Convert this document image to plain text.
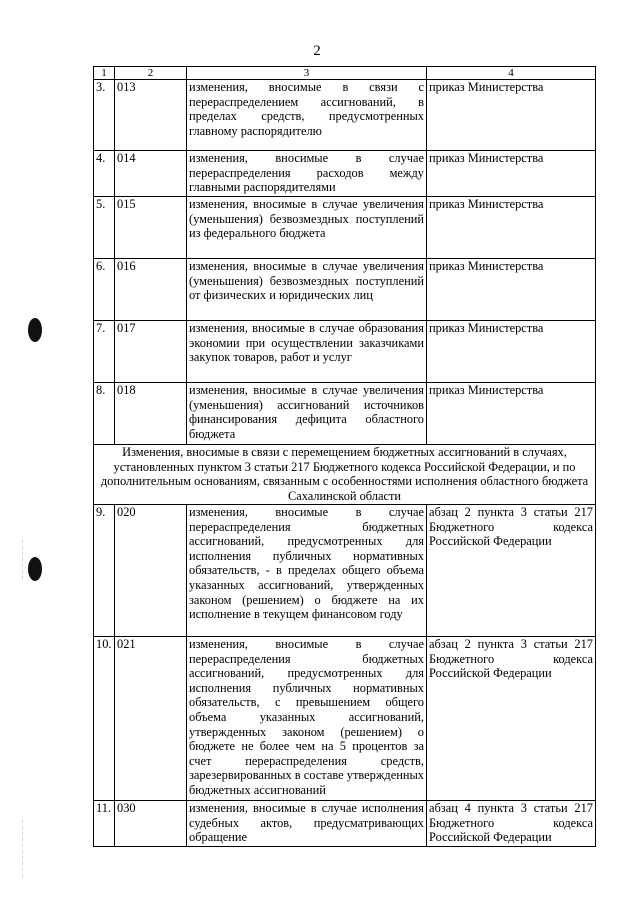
2
1	2	3	4
3.	013	изменения, вносимые в связи с перераспределением ассигнований, в пределах средств, предусмотренных главному распорядителю	приказ Министерства
4.	014	изменения, вносимые в случае перераспределения расходов между главными распорядителями	приказ Министерства
5.	015	изменения, вносимые в случае увеличения (уменьшения) безвозмездных поступлений из федерального бюджета	приказ Министерства
6.	016	изменения, вносимые в случае увеличения (уменьшения) безвозмездных поступлений от физических и юридических лиц	приказ Министерства
7.	017	изменения, вносимые в случае образования экономии при осуществлении заказчиками закупок товаров, работ и услуг	приказ Министерства
8.	018	изменения, вносимые в случае увеличения (уменьшения) ассигнований источников финансирования дефицита областного бюджета	приказ Министерства
Изменения, вносимые в связи с перемещением бюджетных ассигнований в случаях, установленных пунктом 3 статьи 217 Бюджетного кодекса Российской Федерации, и по дополнительным основаниям, связанным с особенностями исполнения областного бюджета Сахалинской области			
9.	020	изменения, вносимые в случае перераспределения бюджетных ассигнований, предусмотренных для исполнения публичных нормативных обязательств, - в пределах общего объема указанных ассигнований, утвержденных законом (решением) о бюджете на их исполнение в текущем финансовом году	абзац 2 пункта 3 статьи 217 Бюджетного кодекса Российской Федерации
10.	021	изменения, вносимые в случае перераспределения бюджетных ассигнований, предусмотренных для исполнения публичных нормативных обязательств, с превышением общего объема указанных ассигнований, утвержденных законом (решением) о бюджете не более чем на 5 процентов за счет перераспределения средств, зарезервированных в составе утвержденных бюджетных ассигнований	абзац 2 пункта 3 статьи 217 Бюджетного кодекса Российской Федерации
11.	030	изменения, вносимые в случае исполнения судебных актов, предусматривающих обращение	абзац 4 пункта 3 статьи 217 Бюджетного кодекса Российской Федерации
